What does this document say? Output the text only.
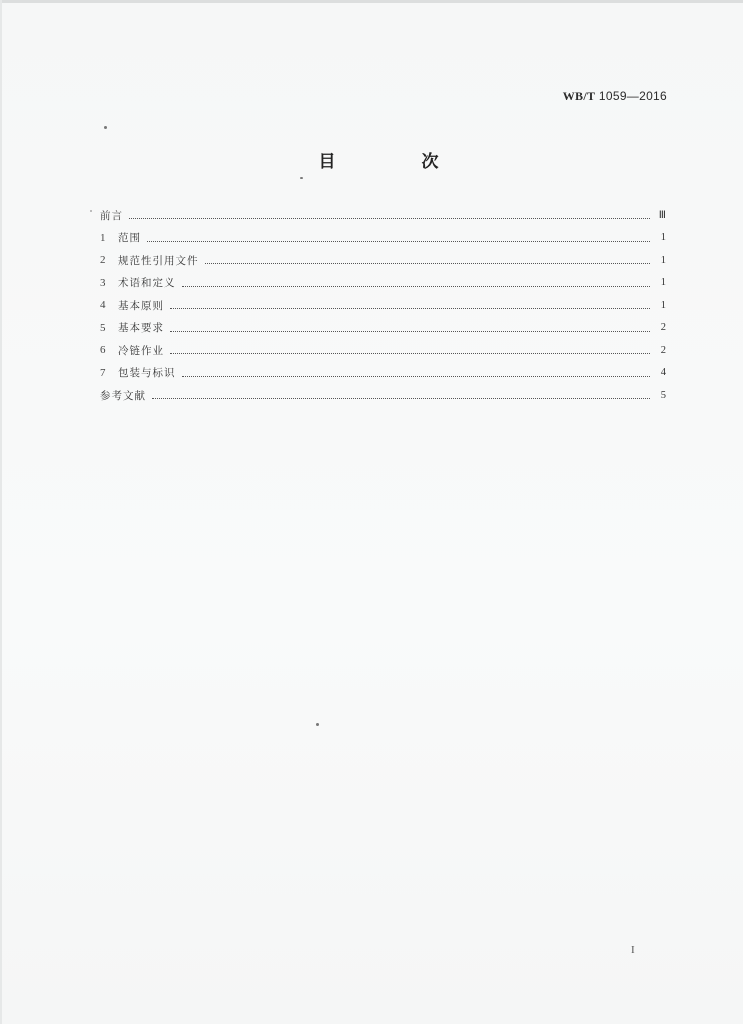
WB/T 1059—2016
目 次
前言	Ⅲ
1	范围	1
2	规范性引用文件	1
3	术语和定义	1
4	基本原则	1
5	基本要求	2
6	冷链作业	2
7	包装与标识	4
参考文献	5
I
